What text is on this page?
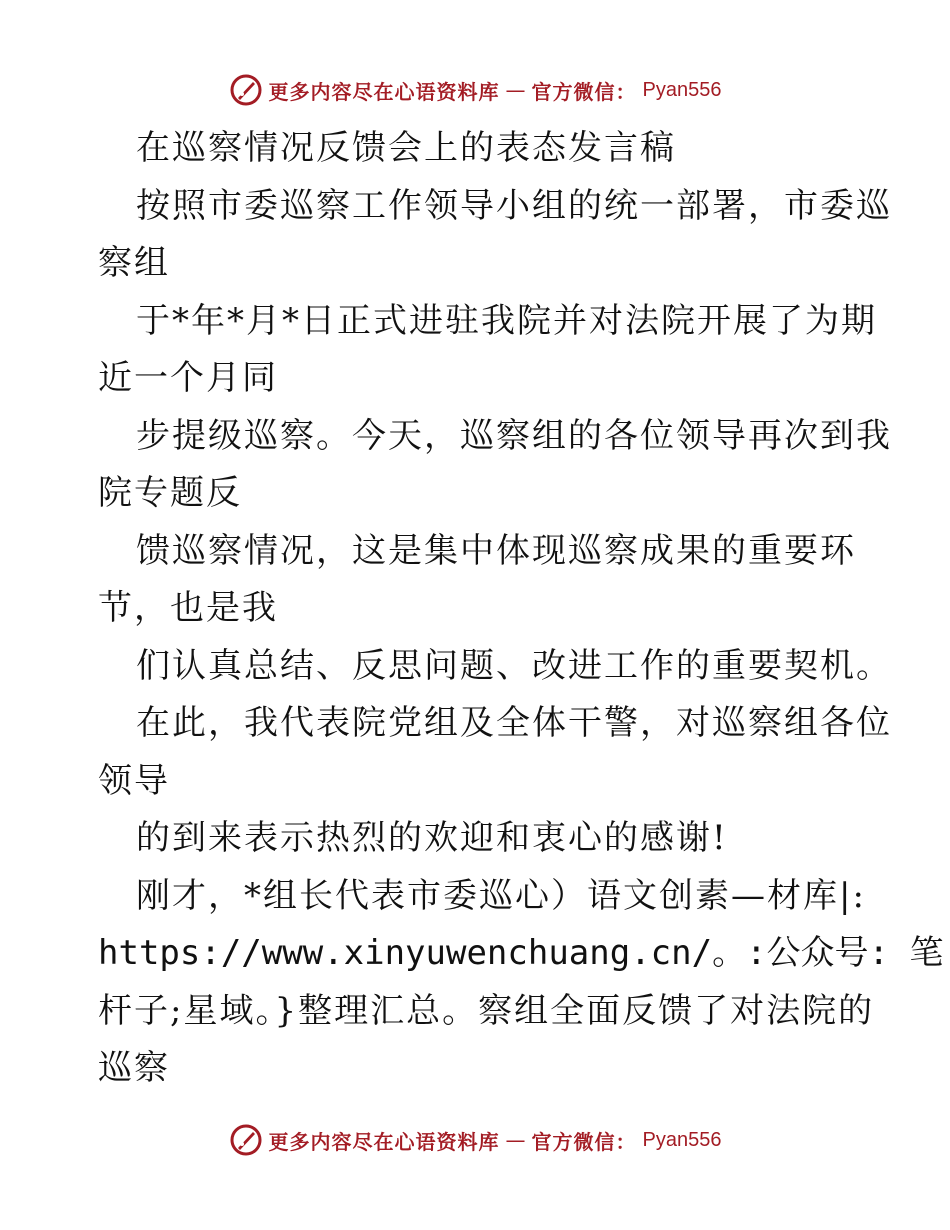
更多内容尽在心语资料库 — 官方微信： Pyan556
在巡察情况反馈会上的表态发言稿
按照市委巡察工作领导小组的统一部署，市委巡
察组
于*年*月*日正式进驻我院并对法院开展了为期
近一个月同
步提级巡察。今天，巡察组的各位领导再次到我
院专题反
馈巡察情况，这是集中体现巡察成果的重要环
节，也是我
们认真总结、反思问题、改进工作的重要契机。
在此，我代表院党组及全体干警，对巡察组各位
领导
的到来表示热烈的欢迎和衷心的感谢!
刚才，*组长代表市委巡心）语文创素—材库|:
https://www.xinyuwenchuang.cn/。:公众号: 笔
杆子;星域。}整理汇总。察组全面反馈了对法院的
巡察
更多内容尽在心语资料库 — 官方微信： Pyan556
